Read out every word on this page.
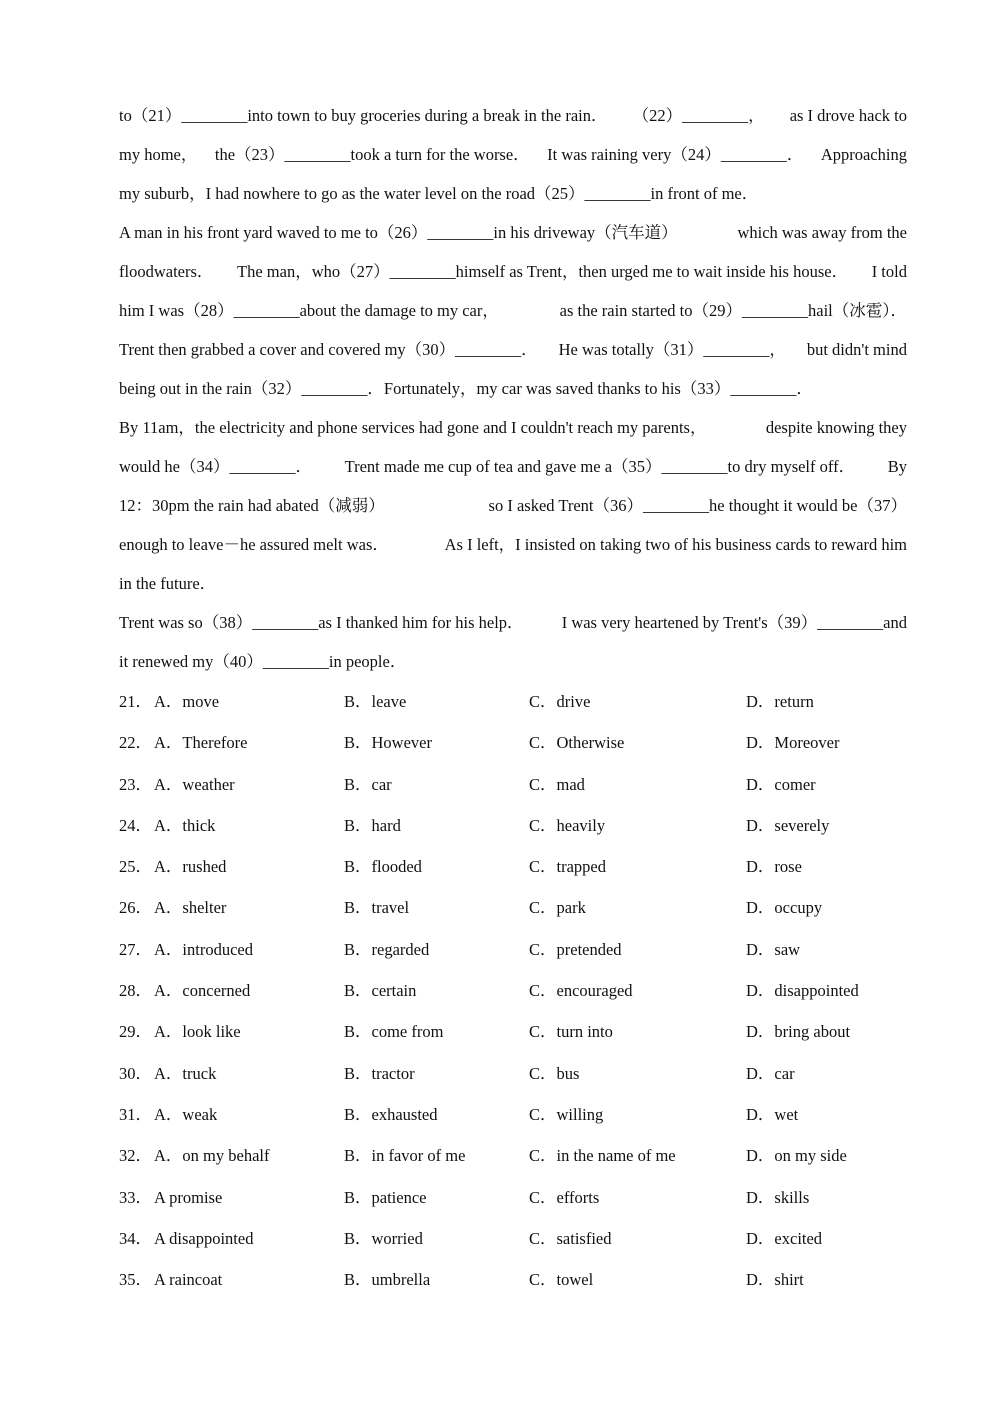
to（21）________into town to buy groceries during a break in the rain． （22）________， as I drove hack to
my home， the（23）________took a turn for the worse． It was raining very（24）________． Approaching
my suburb，I had nowhere to go as the water level on the road（25）________in front of me．
A man in his front yard waved to me to（26）________in his driveway（汽车道）	which was away from the
floodwaters． The man，who（27）________himself as Trent，then urged me to wait inside his house． I told
him I was（28）________about the damage to my car，	as the rain started to（29）________hail（冰雹）．
Trent then grabbed a cover and covered my（30）________． He was totally（31）________， but didn't mind
being out in the rain（32）________．Fortunately，my car was saved thanks to his（33）________．
By 11am，the electricity and phone services had gone and I couldn't reach my parents，	despite knowing they
would he（34）________． Trent made me cup of tea and gave me a（35）________to dry myself off． By
12：30pm the rain had abated（减弱）	so I asked Trent（36）________he thought it would be（37）
enough to leave－he assured melt was．	As I left，I insisted on taking two of his business cards to reward him
in the future．
Trent was so（38）________as I thanked him for his help． I was very heartened by Trent's（39）________and
it renewed my（40）________in people．
21． A．move	B．leave	C．drive	D．return
22． A．Therefore	B．However	C．Otherwise	D．Moreover
23． A．weather	B．car	C．mad	D．comer
24． A．thick	B．hard	C．heavily	D．severely
25． A．rushed	B．flooded	C．trapped	D．rose
26． A．shelter	B．travel	C．park	D．occupy
27． A．introduced	B．regarded	C．pretended	D．saw
28． A．concerned	B．certain	C．encouraged	D．disappointed
29． A．look like	B．come from	C．turn into	D．bring about
30． A．truck	B．tractor	C．bus	D．car
31． A．weak	B．exhausted	C．willing	D．wet
32． A．on my behalf	B．in favor of me	C．in the name of me	D．on my side
33． A promise	B．patience	C．efforts	D．skills
34． A disappointed	B．worried	C．satisfied	D．excited
35． A raincoat	B．umbrella	C．towel	D．shirt
